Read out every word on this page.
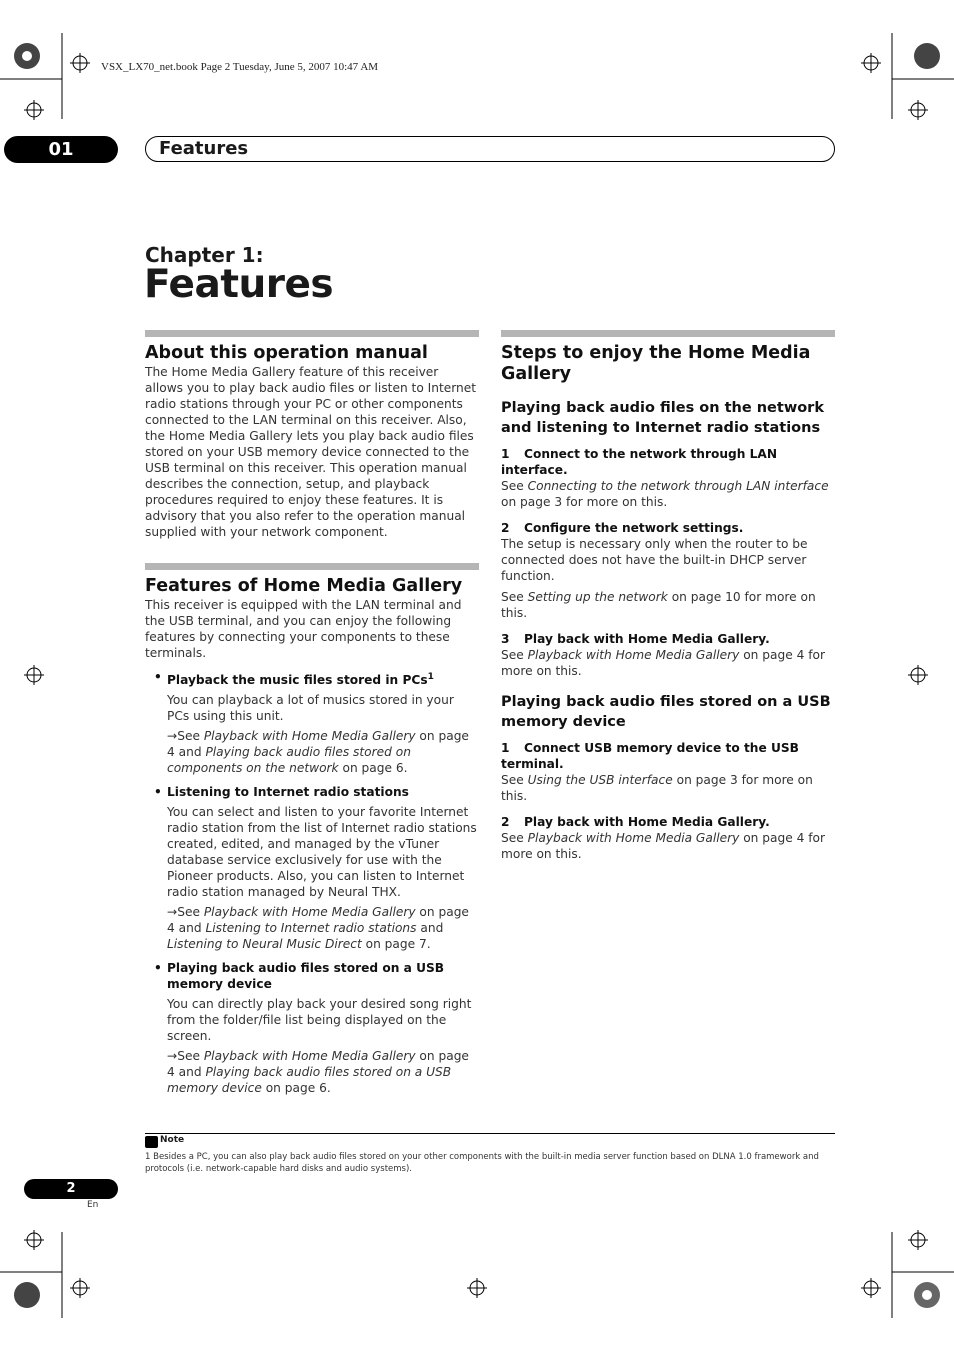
VSX_LX70_net.book Page 2 Tuesday, June 5, 2007 10:47 AM
01	Features
Chapter 1:
Features
About this operation manual

The Home Media Gallery feature of this receiver allows you to play back audio files or listen to Internet radio stations through your PC or other components connected to the LAN terminal on this receiver. Also, the Home Media Gallery lets you play back audio files stored on your USB memory device connected to the USB terminal on this receiver. This operation manual describes the connection, setup, and playback procedures required to enjoy these features. It is advisory that you also refer to the operation manual supplied with your network component.

Features of Home Media Gallery

This receiver is equipped with the LAN terminal and the USB terminal, and you can enjoy the following features by connecting your components to these terminals.

• Playback the music files stored in PCs$^1$

You can playback a lot of musics stored in your PCs using this unit.

→See Playback with Home Media Gallery on page 4 and Playing back audio files stored on components on the network on page 6.

• Listening to Internet radio stations

You can select and listen to your favorite Internet radio station from the list of Internet radio stations created, edited, and managed by the vTuner database service exclusively for use with the Pioneer products. Also, you can listen to Internet radio station managed by Neural THX.

→See Playback with Home Media Gallery on page 4 and Listening to Internet radio stations and Listening to Neural Music Direct on page 7.

• Playing back audio files stored on a USB memory device

You can directly play back your desired song right from the folder/file list being displayed on the screen.

→See Playback with Home Media Gallery on page 4 and Playing back audio files stored on a USB memory device on page 6.

Steps to enjoy the Home Media Gallery
Playing back audio files on the network and listening to Internet radio stations
1 Connect to the network through LAN interface.

See Connecting to the network through LAN interface on page 3 for more on this.

2 Configure the network settings.

The setup is necessary only when the router to be connected does not have the built-in DHCP server function.

See Setting up the network on page 10 for more on this.

3 Play back with Home Media Gallery.

See Playback with Home Media Gallery on page 4 for more on this.

Playing back audio files stored on a USB memory device
1 Connect USB memory device to the USB terminal.

See Using the USB interface on page 3 for more on this.

2 Play back with Home Media Gallery.

See Playback with Home Media Gallery on page 4 for more on this.

Note
1 Besides a PC, you can also play back audio files stored on your other components with the built-in media server function based on DLNA 1.0 framework and protocols (i.e. network-capable hard disks and audio systems).
2
En
